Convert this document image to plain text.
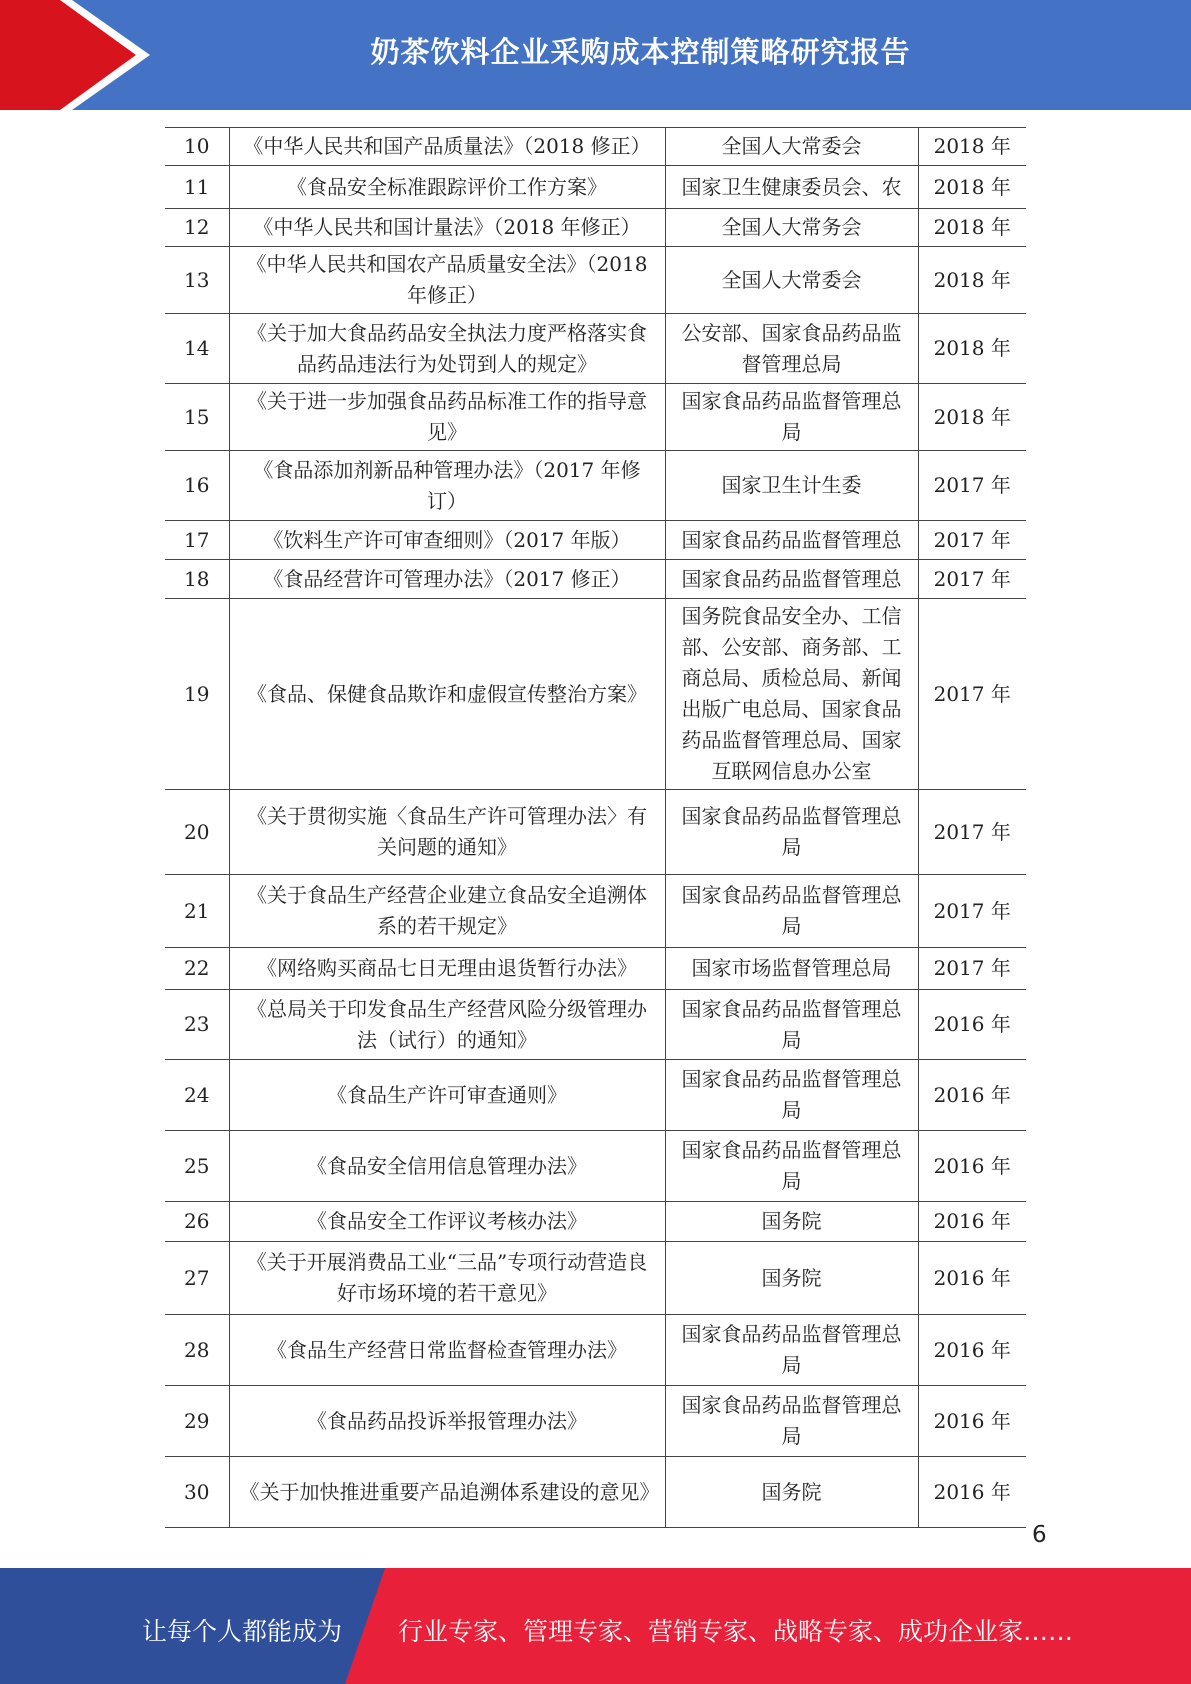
奶茶饮料企业采购成本控制策略研究报告
10	《中华人民共和国产品质量法》（2018 修正）	全国人大常委会	2018 年

11	《食品安全标准跟踪评价工作方案》	国家卫生健康委员会、农	2018 年

12	《中华人民共和国计量法》（2018 年修正）	全国人大常务会	2018 年

13	《中华人民共和国农产品质量安全法》（2018 年修正）	全国人大常委会	2018 年

14	《关于加大食品药品安全执法力度严格落实食品药品违法行为处罚到人的规定》	公安部、国家食品药品监督管理总局	2018 年

15	《关于进一步加强食品药品标准工作的指导意见》	国家食品药品监督管理总局	2018 年

16	《食品添加剂新品种管理办法》（2017 年修订）	国家卫生计生委	2017 年

17	《饮料生产许可审查细则》（2017 年版）	国家食品药品监督管理总	2017 年

18	《食品经营许可管理办法》（2017 修正）	国家食品药品监督管理总	2017 年

19	《食品、保健食品欺诈和虚假宣传整治方案》	国务院食品安全办、工信部、公安部、商务部、工商总局、质检总局、新闻出版广电总局、国家食品药品监督管理总局、国家互联网信息办公室	2017 年

20	《关于贯彻实施〈食品生产许可管理办法〉有关问题的通知》	国家食品药品监督管理总局	2017 年

21	《关于食品生产经营企业建立食品安全追溯体系的若干规定》	国家食品药品监督管理总局	2017 年

22	《网络购买商品七日无理由退货暂行办法》	国家市场监督管理总局	2017 年

23	《总局关于印发食品生产经营风险分级管理办法（试行）的通知》	国家食品药品监督管理总局	2016 年

24	《食品生产许可审查通则》	国家食品药品监督管理总局	2016 年

25	《食品安全信用信息管理办法》	国家食品药品监督管理总局	2016 年

26	《食品安全工作评议考核办法》	国务院	2016 年

27	《关于开展消费品工业“三品”专项行动营造良好市场环境的若干意见》	国务院	2016 年

28	《食品生产经营日常监督检查管理办法》	国家食品药品监督管理总局	2016 年

29	《食品药品投诉举报管理办法》	国家食品药品监督管理总局	2016 年

30	《关于加快推进重要产品追溯体系建设的意见》	国务院	2016 年
6
让每个人都能成为 行业专家、管理专家、营销专家、战略专家、成功企业家……
